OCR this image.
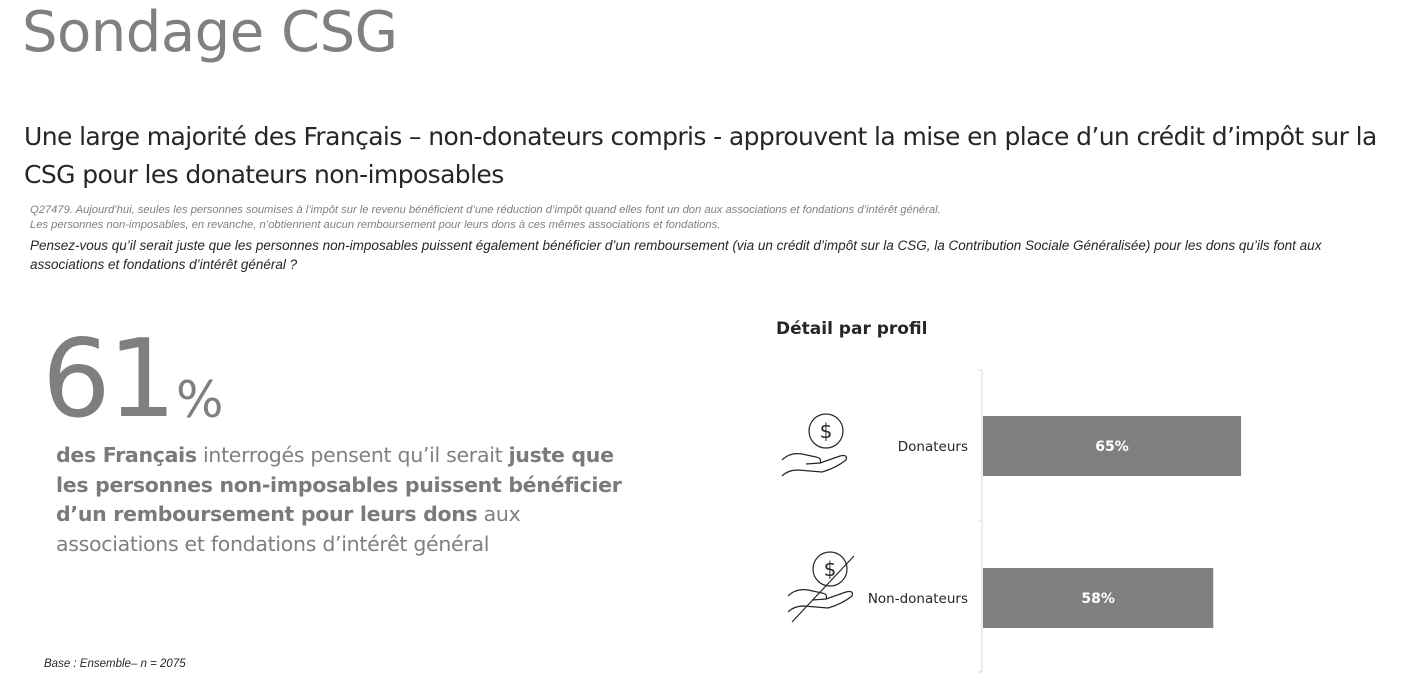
Sondage CSG
Une large majorité des Français – non-donateurs compris - approuvent la mise en place d’un crédit d’impôt sur la CSG pour les donateurs non-imposables
Q27479. Aujourd’hui, seules les personnes soumises à l’impôt sur le revenu bénéficient d’une réduction d’impôt quand elles font un don aux associations et fondations d’intérêt général.
Les personnes non-imposables, en revanche, n’obtiennent aucun remboursement pour leurs dons à ces mêmes associations et fondations.
Pensez-vous qu’il serait juste que les personnes non-imposables puissent également bénéficier d’un remboursement (via un crédit d’impôt sur la CSG, la Contribution Sociale Généralisée) pour les dons qu’ils font aux associations et fondations d’intérêt général ?
61 %
des Français interrogés pensent qu’il serait juste que les personnes non-imposables puissent bénéficier d’un remboursement pour leurs dons aux associations et fondations d’intérêt général
Base : Ensemble– n = 2075
Détail par profil
$
$
65%
Donateurs
58%
Non-donateurs
